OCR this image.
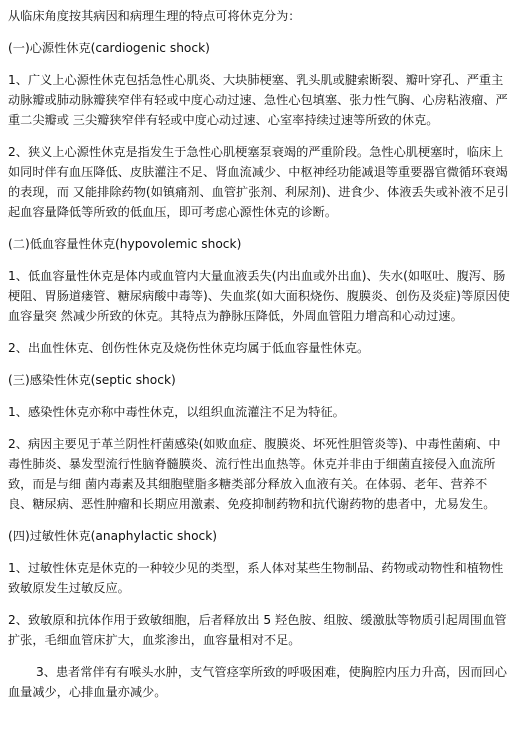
从临床角度按其病因和病理生理的特点可将休克分为：

(一)心源性休克(cardiogenic shock)

1、广义上心源性休克包括急性心肌炎、大块肺梗塞、乳头肌或腱索断裂、瓣叶穿孔、严重主动脉瓣或肺动脉瓣狭窄伴有轻或中度心动过速、急性心包填塞、张力性气胸、心房粘液瘤、严重二尖瓣或 三尖瓣狭窄伴有轻或中度心动过速、心室率持续过速等所致的休克。

2、狭义上心源性休克是指发生于急性心肌梗塞泵衰竭的严重阶段。急性心肌梗塞时，临床上如同时伴有血压降低、皮肤灌注不足、肾血流减少、中枢神经功能减退等重要器官微循环衰竭的表现，而 又能排除药物(如镇痛剂、血管扩张剂、利尿剂)、进食少、体液丢失或补液不足引起血容量降低等所致的低血压，即可考虑心源性休克的诊断。

(二)低血容量性休克(hypovolemic shock)

1、低血容量性休克是体内或血管内大量血液丢失(内出血或外出血)、失水(如呕吐、腹泻、肠梗阻、胃肠道瘘管、糖尿病酸中毒等)、失血浆(如大面积烧伤、腹膜炎、创伤及炎症)等原因使血容量突 然减少所致的休克。其特点为静脉压降低，外周血管阻力增高和心动过速。

2、出血性休克、创伤性休克及烧伤性休克均属于低血容量性休克。

(三)感染性休克(septic shock)

1、感染性休克亦称中毒性休克，以组织血流灌注不足为特征。

2、病因主要见于革兰阴性杆菌感染(如败血症、腹膜炎、坏死性胆管炎等)、中毒性菌痢、中毒性肺炎、暴发型流行性脑脊髓膜炎、流行性出血热等。休克并非由于细菌直接侵入血流所致，而是与细 菌内毒素及其细胞壁脂多糖类部分释放入血液有关。在体弱、老年、营养不良、糖尿病、恶性肿瘤和长期应用激素、免疫抑制药物和抗代谢药物的患者中，尤易发生。

(四)过敏性休克(anaphylactic shock)

1、过敏性休克是休克的一种较少见的类型，系人体对某些生物制品、药物或动物性和植物性致敏原发生过敏反应。

2、致敏原和抗体作用于致敏细胞，后者释放出 5 羟色胺、组胺、缓激肽等物质引起周围血管扩张，毛细血管床扩大，血浆渗出，血容量相对不足。

3、患者常伴有有喉头水肿，支气管痉挛所致的呼吸困难，使胸腔内压力升高，因而回心血量减少，心排血量亦减少。
